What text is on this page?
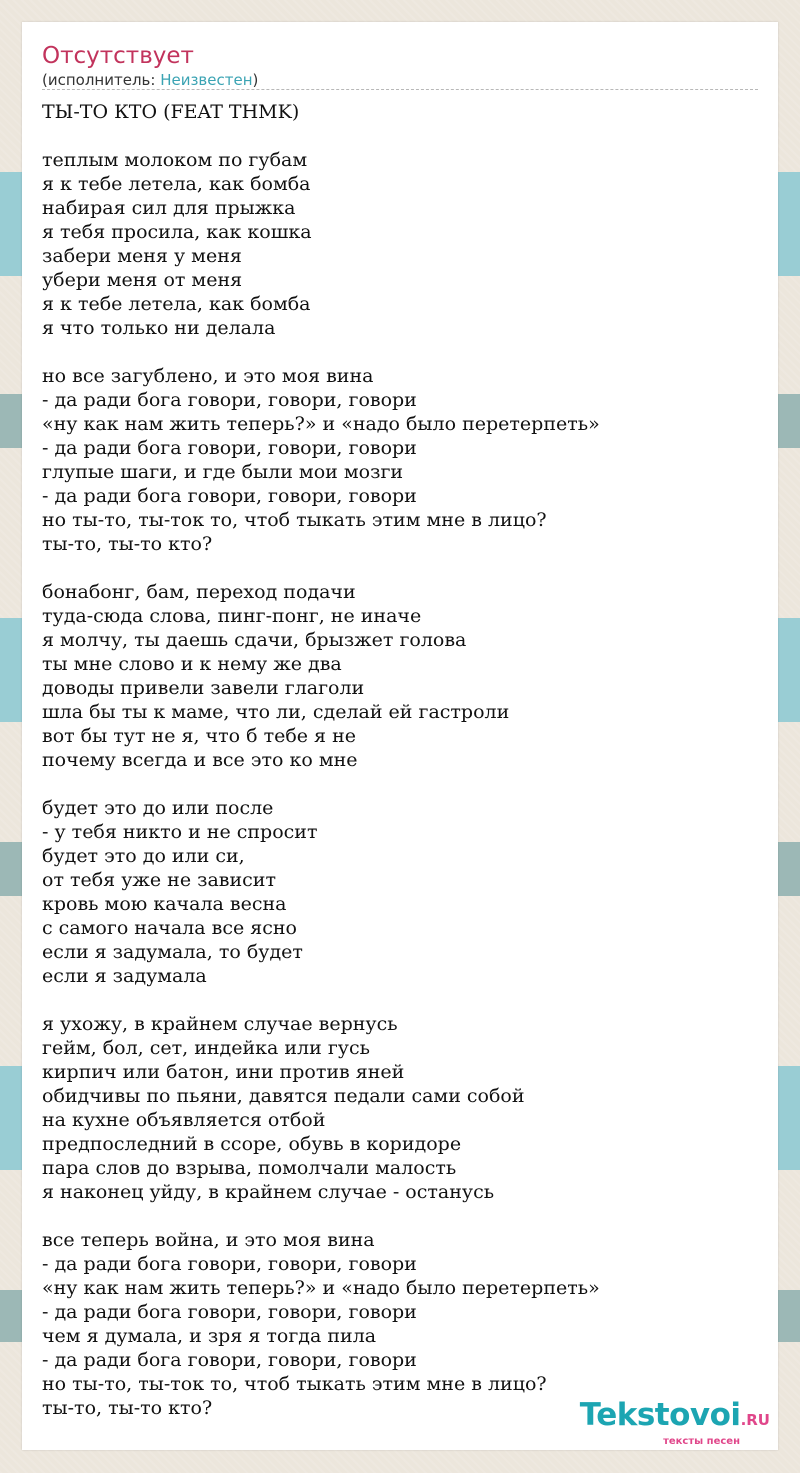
Отсутствует
(исполнитель: Неизвестен)
ТЫ-ТО КТО (FEAT THMK)
теплым молоком по губам
я к тебе летела, как бомба
набирая сил для прыжка
я тебя просила, как кошка
забери меня у меня
убери меня от меня
я к тебе летела, как бомба
я что только ни делала
но все загублено, и это моя вина
- да ради бога говори, говори, говори
«ну как нам жить теперь?» и «надо было перетерпеть»
- да ради бога говори, говори, говори
глупые шаги, и где были мои мозги
- да ради бога говори, говори, говори
но ты-то, ты-ток то, чтоб тыкать этим мне в лицо?
ты-то, ты-то кто?
бонабонг, бам, переход подачи
туда-сюда слова, пинг-понг, не иначе
я молчу, ты даешь сдачи, брызжет голова
ты мне слово и к нему же два
доводы привели завели глаголи
шла бы ты к маме, что ли, сделай ей гастроли
вот бы тут не я, что б тебе я не
почему всегда и все это ко мне
будет это до или после
- у тебя никто и не спросит
будет это до или си,
от тебя уже не зависит
кровь мою качала весна
с самого начала все ясно
если я задумала, то будет
если я задумала
я ухожу, в крайнем случае вернусь
гейм, бол, сет, индейка или гусь
кирпич или батон, ини против яней
обидчивы по пьяни, давятся педали сами собой
на кухне объявляется отбой
предпоследний в ссоре, обувь в коридоре
пара слов до взрыва, помолчали малость
я наконец уйду, в крайнем случае - останусь
все теперь война, и это моя вина
- да ради бога говори, говори, говори
«ну как нам жить теперь?» и «надо было перетерпеть»
- да ради бога говори, говори, говори
чем я думала, и зря я тогда пила
- да ради бога говори, говори, говори
но ты-то, ты-ток то, чтоб тыкать этим мне в лицо?
ты-то, ты-то кто?	Tekstovoi.RU
тексты песен
